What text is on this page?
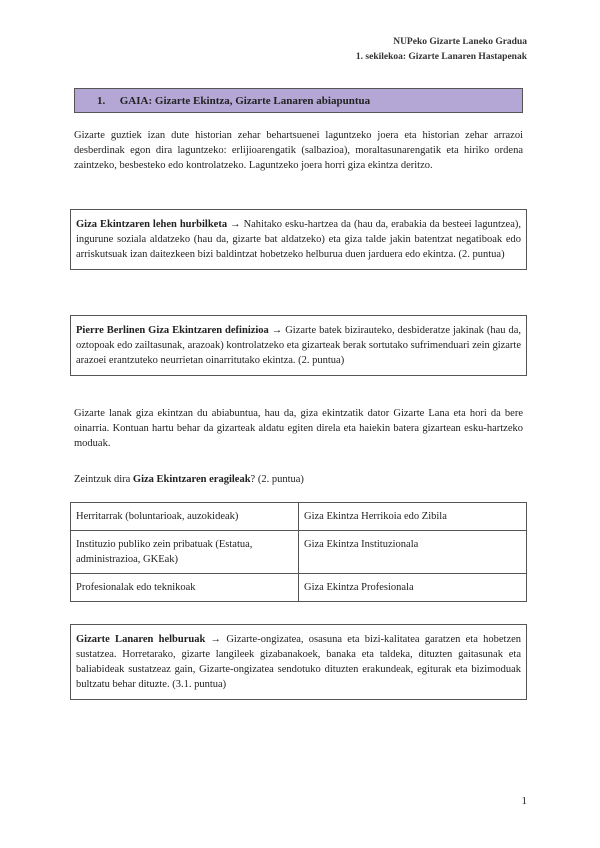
NUPeko Gizarte Laneko Gradua
1. sekilekoa: Gizarte Lanaren Hastapenak
1. GAIA: Gizarte Ekintza, Gizarte Lanaren abiapuntua
Gizarte guztiek izan dute historian zehar behartsuenei laguntzeko joera eta historian zehar arrazoi desberdinak egon dira laguntzeko: erlijioarengatik (salbazioa), moraltasunarengatik eta hiriko ordena zaintzeko, besbesteko edo kontrolatzeko. Laguntzeko joera horri giza ekintza deritzo.
Giza Ekintzaren lehen hurbilketa → Nahitako esku-hartzea da (hau da, erabakia da besteei laguntzea), ingurune soziala aldatzeko (hau da, gizarte bat aldatzeko) eta giza talde jakin batentzat negatiboak edo arriskutsuak izan daitezkeen bizi baldintzat hobetzeko helburua duen jarduera edo ekintza. (2. puntua)
Pierre Berlinen Giza Ekintzaren definizioa → Gizarte batek bizirauteko, desbideratze jakinak (hau da, oztopoak edo zailtasunak, arazoak) kontrolatzeko eta gizarteak berak sortutako sufrimenduari zein gizarte arazoei erantzuteko neurrietan oinarritutako ekintza. (2. puntua)
Gizarte lanak giza ekintzan du abiabuntua, hau da, giza ekintzatik dator Gizarte Lana eta hori da bere oinarria. Kontuan hartu behar da gizarteak aldatu egiten direla eta haiekin batera gizartean esku-hartzeko moduak.
Zeintzuk dira Giza Ekintzaren eragileak? (2. puntua)
Herritarrak (boluntarioak, auzokideak)	Giza Ekintza Herrikoia edo Zibila
Instituzio publiko zein pribatuak (Estatua, administrazioa, GKEak)	Giza Ekintza Instituzionala
Profesionalak edo teknikoak	Giza Ekintza Profesionala
Gizarte Lanaren helburuak → Gizarte-ongizatea, osasuna eta bizi-kalitatea garatzen eta hobetzen sustatzea. Horretarako, gizarte langileek gizabanakoek, banaka eta taldeka, dituzten gaitasunak eta baliabideak sustatzeaz gain, Gizarte-ongizatea sendotuko dituzten erakundeak, egiturak eta bizimoduak bultzatu behar dituzte. (3.1. puntua)
1
